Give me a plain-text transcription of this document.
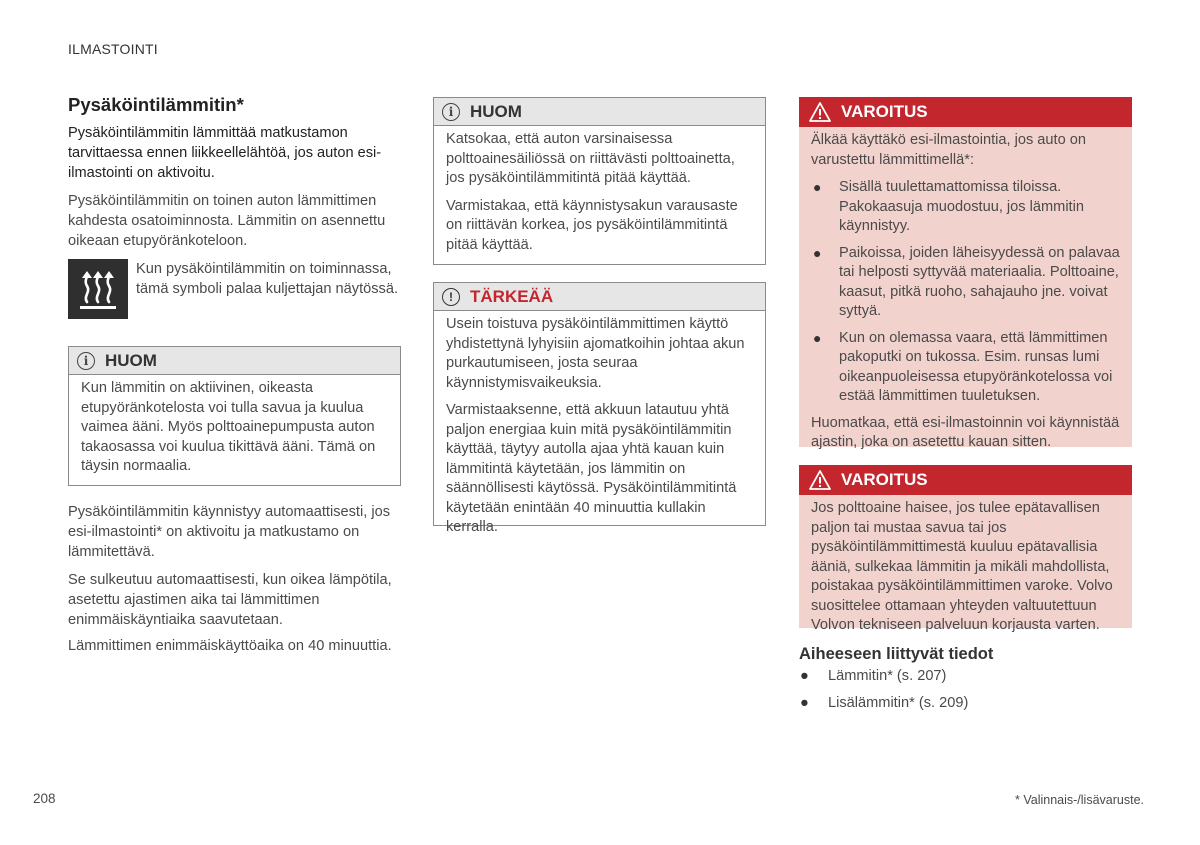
ILMASTOINTI
Pysäköintilämmitin*
Pysäköintilämmitin lämmittää matkustamon tarvittaessa ennen liikkeellelähtöä, jos auton esi-ilmastointi on aktivoitu.
Pysäköintilämmitin on toinen auton lämmittimen kahdesta osatoiminnosta. Lämmitin on asennettu oikeaan etupyöränkoteloon.
Kun pysäköintilämmitin on toiminnassa, tämä symboli palaa kuljettajan näytössä.
i HUOM
Kun lämmitin on aktiivinen, oikeasta etupyöränkotelosta voi tulla savua ja kuulua vaimea ääni. Myös polttoainepumpusta auton takaosassa voi kuulua tikittävä ääni. Tämä on täysin normaalia.
Pysäköintilämmitin käynnistyy automaattisesti, jos esi-ilmastointi* on aktivoitu ja matkustamo on lämmitettävä.
Se sulkeutuu automaattisesti, kun oikea lämpötila, asetettu ajastimen aika tai lämmittimen enimmäiskäyntiaika saavutetaan.
Lämmittimen enimmäiskäyttöaika on 40 minuuttia.
i HUOM

Katsokaa, että auton varsinaisessa polttoainesäiliössä on riittävästi polttoainetta, jos pysäköintilämmitintä pitää käyttää.

Varmistakaa, että käynnistysakun varausaste on riittävän korkea, jos pysäköintilämmitintä pitää käyttää.

!	TÄRKEÄÄ

Usein toistuva pysäköintilämmittimen käyttö yhdistettynä lyhyisiin ajomatkoihin johtaa akun purkautumiseen, josta seuraa käynnistymisvaikeuksia.

Varmistaaksenne, että akkuun latautuu yhtä paljon energiaa kuin mitä pysäköintilämmitin käyttää, täytyy autolla ajaa yhtä kauan kuin lämmitintä käytetään, jos lämmitin on säännöllisesti käytössä. Pysäköintilämmitintä käytetään enintään 40 minuuttia kullakin kerralla.

VAROITUS

Älkää käyttäkö esi-ilmastointia, jos auto on varustettu lämmittimellä*:

● Sisällä tuulettamattomissa tiloissa. Pakokaasuja muodostuu, jos lämmitin käynnistyy.
● Paikoissa, joiden läheisyydessä on palavaa tai helposti syttyvää materiaalia. Polttoaine, kaasut, pitkä ruoho, sahajauho jne. voivat syttyä.
● Kun on olemassa vaara, että lämmittimen pakoputki on tukossa. Esim. runsas lumi oikeanpuoleisessa etupyöränkotelossa voi estää lämmittimen tuuletuksen.

Huomatkaa, että esi-ilmastoinnin voi käynnistää ajastin, joka on asetettu kauan sitten.

VAROITUS
Jos polttoaine haisee, jos tulee epätavallisen paljon tai mustaa savua tai jos pysäköintilämmittimestä kuuluu epätavallisia ääniä, sulkekaa lämmitin ja mikäli mahdollista, poistakaa pysäköintilämmittimen varoke. Volvo suosittelee ottamaan yhteyden valtuutettuun Volvon tekniseen palveluun korjausta varten.
Aiheeseen liittyvät tiedot
● Lämmitin* (s. 207)
● Lisälämmitin* (s. 209)
208	* Valinnais-/lisävaruste.
